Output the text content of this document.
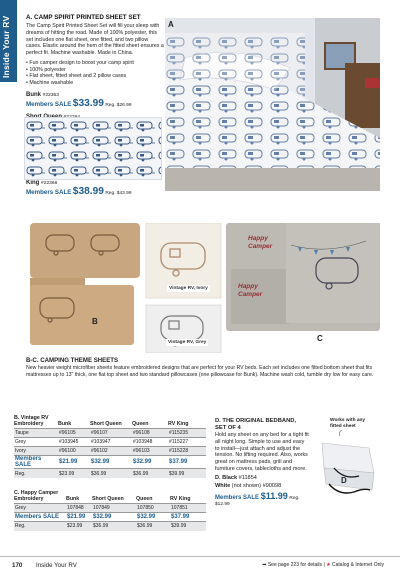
Inside Your RV A. CAMP SPIRIT PRINTED SHEET SET

The Camp Spirit Printed Sheet Set will fill your sleep with dreams of hitting the road. Made of 100% polyester, this set includes one flat sheet, one fitted, and two pillow cases. Elastic around the hem of the fitted sheet ensures a perfect fit. Machine washable. Made in China.

• Fun camper design to boost your camp spirit
• 100% polyester
• Flat sheet, fitted sheet and 2 pillow cases
• Machine washable
Bunk #22363
Members SALE $33.99 Reg. $26.99
King #22366
Members SALE $38.99 Reg. $43.99
A
Vintage RV, Ivory
Vintage RV, Grey
B
C
Happy Camper
Happy Camper
B-C. CAMPING THEME SHEETS

New heavier weight microfiber sheets feature embroidered designs that are perfect for your RV beds. Each set includes one fitted bottom sheet that fits mattresses up to 13" thick, one flat top sheet and two standard pillowcases (one pillowcase for Bunk). Machine wash cold, tumble dry low for easy care.

B. Vintage RV
Embroidery	Bunk	Short Queen	Queen	RV King
Taupe	#96105	#96107	#96108	#115235
Grey	#103945	#103947	#103948	#115227
Ivory	#96100	#96102	#96103	#115228
Members SALE	$21.99	$32.99	$32.99	$37.99
Reg.	$23.99	$36.99	$36.99	$39.99
C. Happy Camper
Embroidery	Bunk	Short Queen	Queen	RV King
Grey	107848	107849	107850	107851
Members SALE	$21.99	$32.99	$32.99	$37.99
Reg.	$23.99	$36.99	$36.99	$39.99
D. THE ORIGINAL BEDBAND,
SET OF 4

Hold any sheet on any bed for a tight fit all night long. Simple to use and easy to install—just attach and adjust the tension. No lifting required. Also, works great on mattress pads, grill and furniture covers, tablecloths and more.

D. Black #11854
White (not shown) #90098
Members SALE $11.99 Reg. $12.99
Works with any fitted sheet
D
170 Inside Your RV	➡ See page 223 for details | ★ Catalog & Internet Only
